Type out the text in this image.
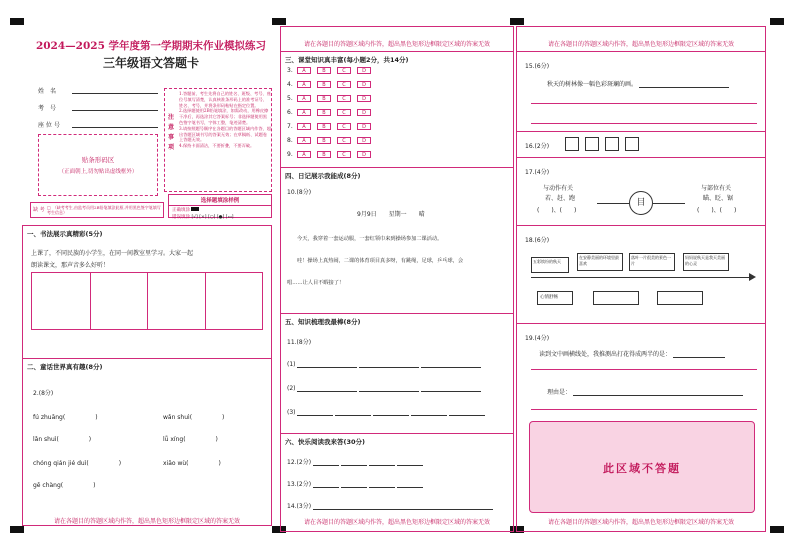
2024—2025 学年度第一学期期末作业模拟练习
三年级语文答题卡
姓　名
考　号
座 位 号
注意事项
1.答题前，考生先将自己的姓名、班级、考号、座位号填写清楚，认真核准条形码上的准考证号、姓名、考号，并将条形码粘贴在指定位置。
2.选择题使用2B铅笔填涂，如需改动，用橡皮擦干净后，再选涂其它答案标号；非选择题使用黑色签字笔书写，字体工整，笔迹清楚。
3.请按照题号顺序在各题目的答题区域内作答，超出答题区域书写的答案无效；在草稿纸、试题卷上答题无效。
4.保持卡面清洁，不要折叠，不要弄破。
贴条形码区
（正面朝上,切勿贴出虚线框外）
缺 考 □　（缺考考生,由监考员用2B铅笔填涂此框,并用黑色签字笔填写考生信息）
选择题填涂样例
正确填涂
错误填涂 [√] [×] [○] [●] [▭]
一、书法展示真精彩(5分)
上课了，不同民族的小学生，在同一间教室里学习。大家一起
朗读课文，那声音多么好听！
二、童话世界真有趣(8分)
2.(8分)
fú zhuāng(　　　　　)	wǎn shuì(　　　　　)
lǎn shuì(　　　　　)	lǚ xíng(　　　　　)
chóng qián jié duì(　　　　　)	xiāo wù(　　　　　)
gē chàng(　　　　　)
请在各题目的答题区域内作答，超出黑色矩形边框限定区域的答案无效
请在各题目的答题区域内作答，超出黑色矩形边框限定区域的答案无效
三、课堂知识真丰富(每小题2分，共14分)
3. A	B	C	D
4. A	B	C	D
5. A	B	C	D
6. A	B	C	D
7. A	B	C	D
8. A	B	C	D
9. A	B	C	D
四、日记展示我能成(8分)
10.(8分)
9月9日　　星期一　　晴
今天，我穿着一套运动服，一套红领巾来到操场参加二课活动。
哇！操场上真热闹，二课的体育项目真多呀，有跳绳，足球，乒乓球，会
唱……让人目不暇接了！
五、知识梳理我最棒(8分)
11.(8分)
(1)
(2)
(3)
六、快乐阅读我来答(30分)
12.(2分)
13.(2分)
14.(3分)
请在各题目的答题区域内作答，超出黑色矩形边框限定区域的答案无效
请在各题目的答题区域内作答，超出黑色矩形边框限定区域的答案无效
15.(6分)
秋天的树林像一幅色彩斑斓的画。
16.(2分)
17.(4分)
与动作有关
若、赶、跑
(　　)、(　　)
目
与部位有关
瞄、眨、锯
(　　)、(　　)
18.(6分)
五彩缤纷的秋天
在安静美丽的环境里最喜欢
落叶一片很美的景色一片
妈妈说秋天是我天美丽的心灵
心情舒畅
19.(4分)
读到文中画横线处，我推测出打花得成两半的是：
理由是：
此区域不答题
请在各题目的答题区域内作答，超出黑色矩形边框限定区域的答案无效
